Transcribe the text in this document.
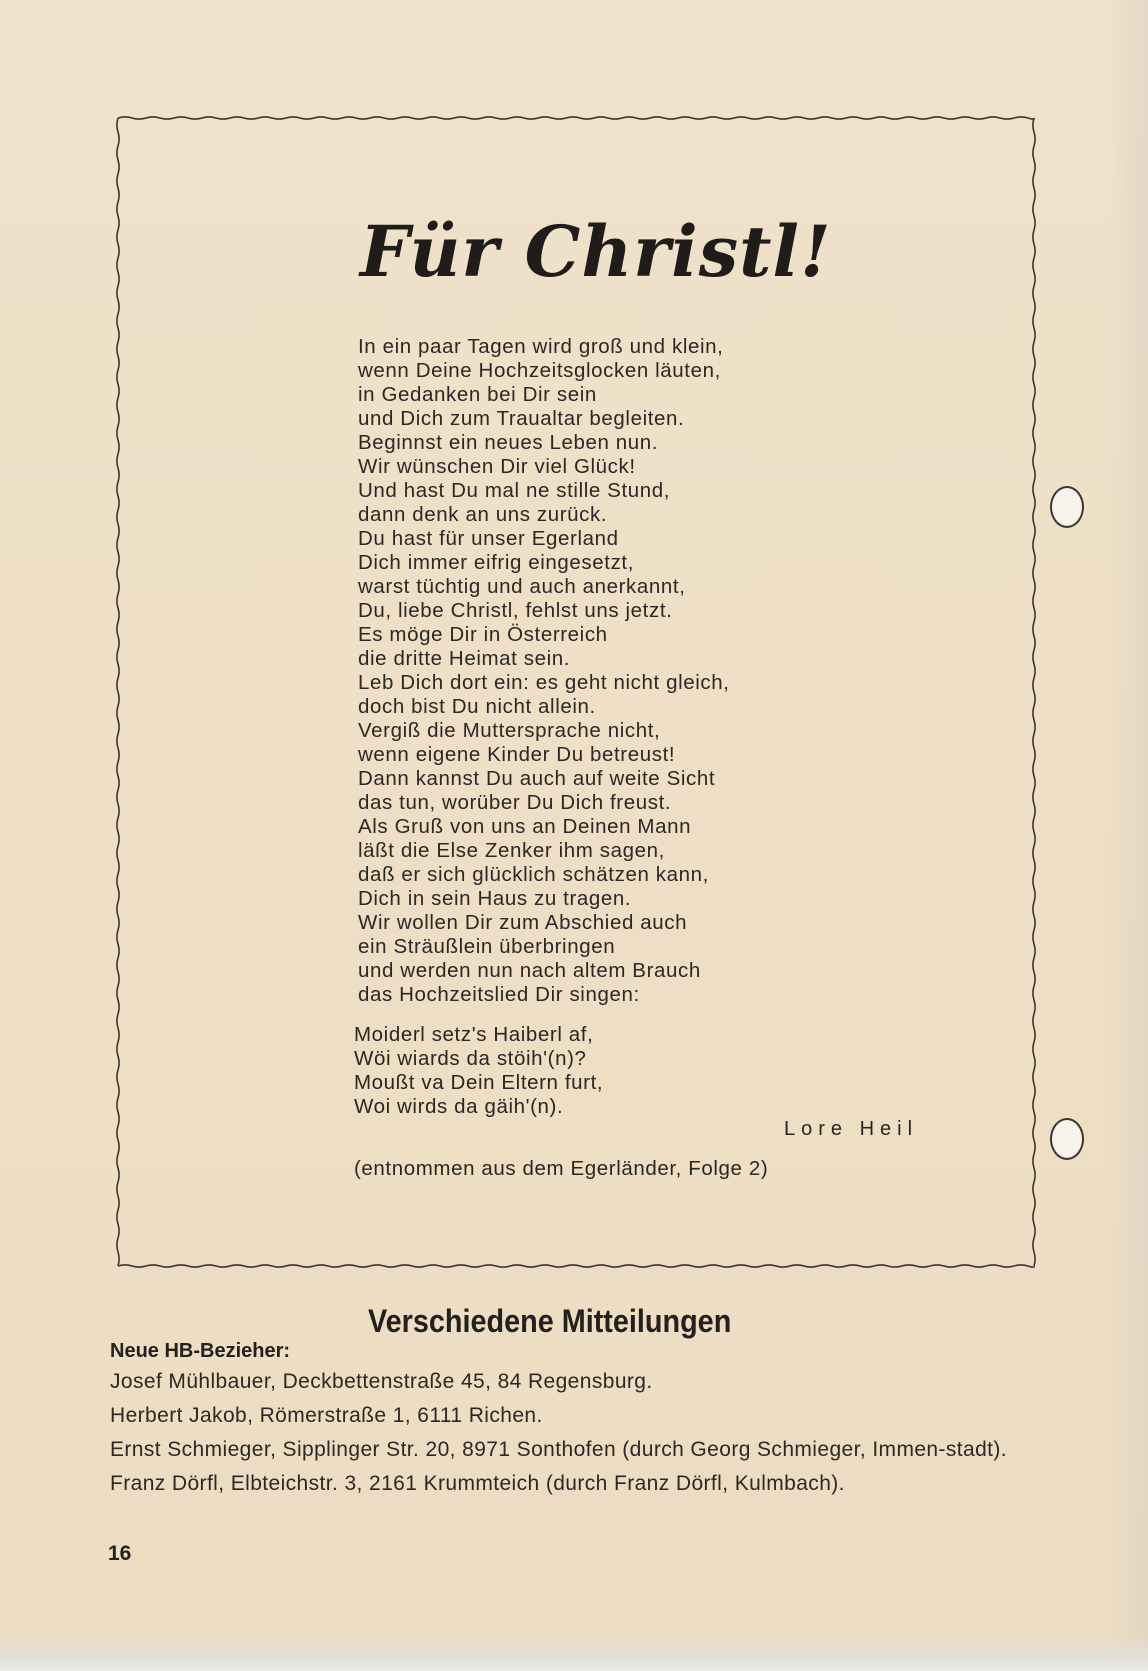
Für Christl!
In ein paar Tagen wird groß und klein,
wenn Deine Hochzeitsglocken läuten,
in Gedanken bei Dir sein
und Dich zum Traualtar begleiten.
Beginnst ein neues Leben nun.
Wir wünschen Dir viel Glück!
Und hast Du mal ne stille Stund,
dann denk an uns zurück.
Du hast für unser Egerland
Dich immer eifrig eingesetzt,
warst tüchtig und auch anerkannt,
Du, liebe Christl, fehlst uns jetzt.
Es möge Dir in Österreich
die dritte Heimat sein.
Leb Dich dort ein: es geht nicht gleich,
doch bist Du nicht allein.
Vergiß die Muttersprache nicht,
wenn eigene Kinder Du betreust!
Dann kannst Du auch auf weite Sicht
das tun, worüber Du Dich freust.
Als Gruß von uns an Deinen Mann
läßt die Else Zenker ihm sagen,
daß er sich glücklich schätzen kann,
Dich in sein Haus zu tragen.
Wir wollen Dir zum Abschied auch
ein Sträußlein überbringen
und werden nun nach altem Brauch
das Hochzeitslied Dir singen:
Moiderl setz's Haiberl af,
Wöi wiards da stöih'(n)?
Moußt va Dein Eltern furt,
Woi wirds da gäih'(n).
Lore Heil
(entnommen aus dem Egerländer, Folge 2)
Verschiedene Mitteilungen
Neue HB-Bezieher:
Josef Mühlbauer, Deckbettenstraße 45, 84 Regensburg.
Herbert Jakob, Römerstraße 1, 6111 Richen.
Ernst Schmieger, Sipplinger Str. 20, 8971 Sonthofen (durch Georg Schmieger, Immen-stadt).
Franz Dörfl, Elbteichstr. 3, 2161 Krummteich (durch Franz Dörfl, Kulmbach).
16
